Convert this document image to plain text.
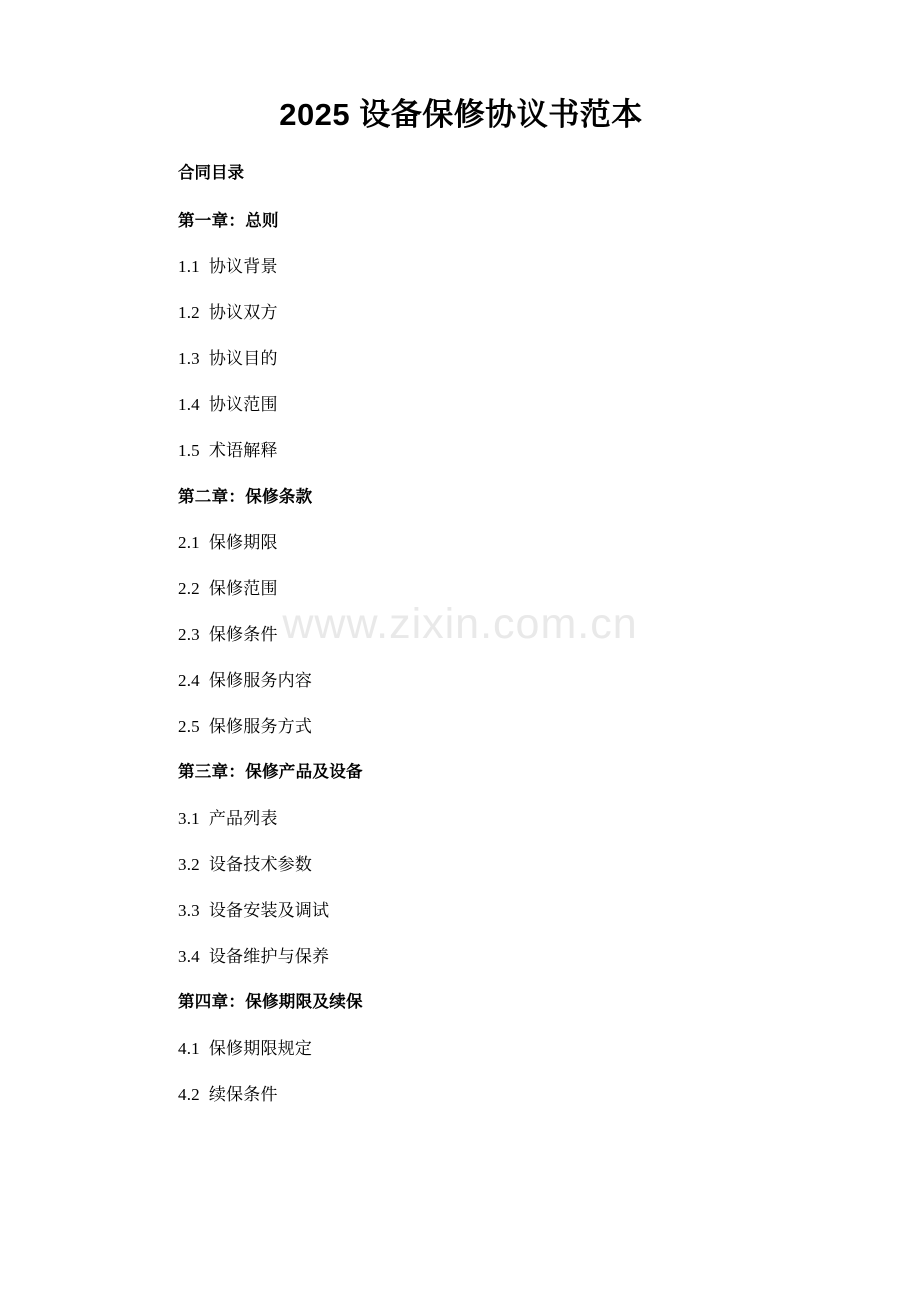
www.zixin.com.cn
2025 设备保修协议书范本
合同目录
第一章：总则
1.1 协议背景
1.2 协议双方
1.3 协议目的
1.4 协议范围
1.5 术语解释
第二章：保修条款
2.1 保修期限
2.2 保修范围
2.3 保修条件
2.4 保修服务内容
2.5 保修服务方式
第三章：保修产品及设备
3.1 产品列表
3.2 设备技术参数
3.3 设备安装及调试
3.4 设备维护与保养
第四章：保修期限及续保
4.1 保修期限规定
4.2 续保条件
